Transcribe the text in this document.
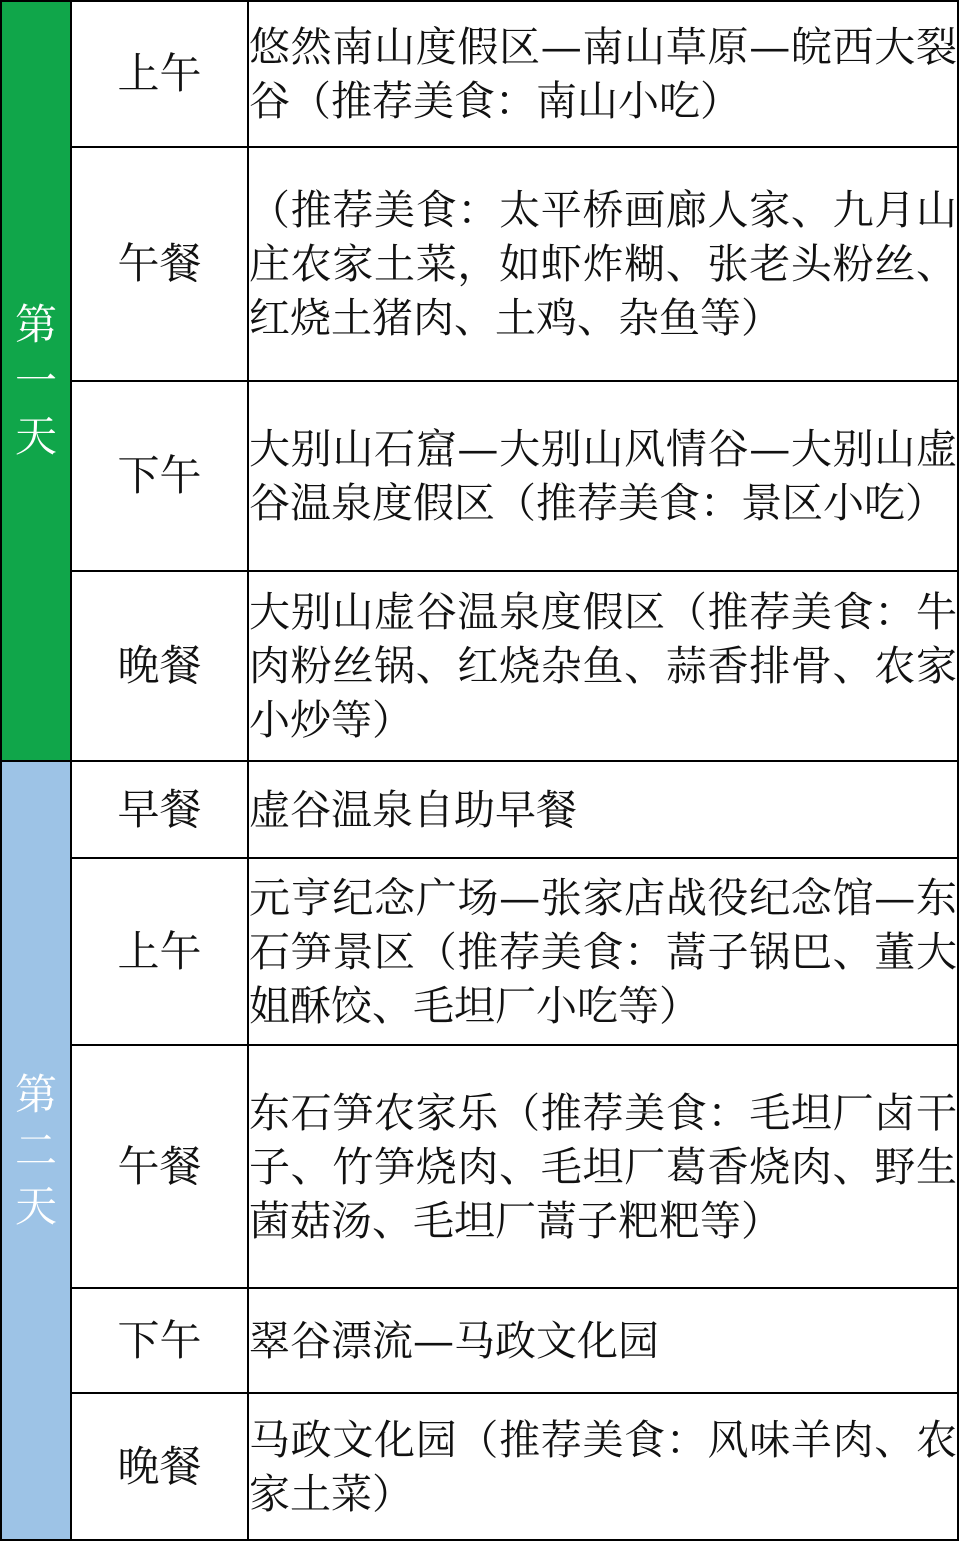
第一天	上午	悠然南山度假区—南山草原—皖西大裂谷（推荐美食：南山小吃）
	午餐	（推荐美食：太平桥画廊人家、九月山庄农家土菜，如虾炸糊、张老头粉丝、红烧土猪肉、土鸡、杂鱼等）
	下午	大别山石窟—大别山风情谷—大别山虚谷温泉度假区（推荐美食：景区小吃）
	晚餐	大别山虚谷温泉度假区（推荐美食：牛肉粉丝锅、红烧杂鱼、蒜香排骨、农家小炒等）
第二天	早餐	虚谷温泉自助早餐
	上午	元亨纪念广场—张家店战役纪念馆—东石笋景区（推荐美食：蒿子锅巴、董大姐酥饺、毛坦厂小吃等）
	午餐	东石笋农家乐（推荐美食：毛坦厂卤干子、竹笋烧肉、毛坦厂葛香烧肉、野生菌菇汤、毛坦厂蒿子粑粑等）
	下午	翠谷漂流—马政文化园
	晚餐	马政文化园（推荐美食：风味羊肉、农家土菜）
